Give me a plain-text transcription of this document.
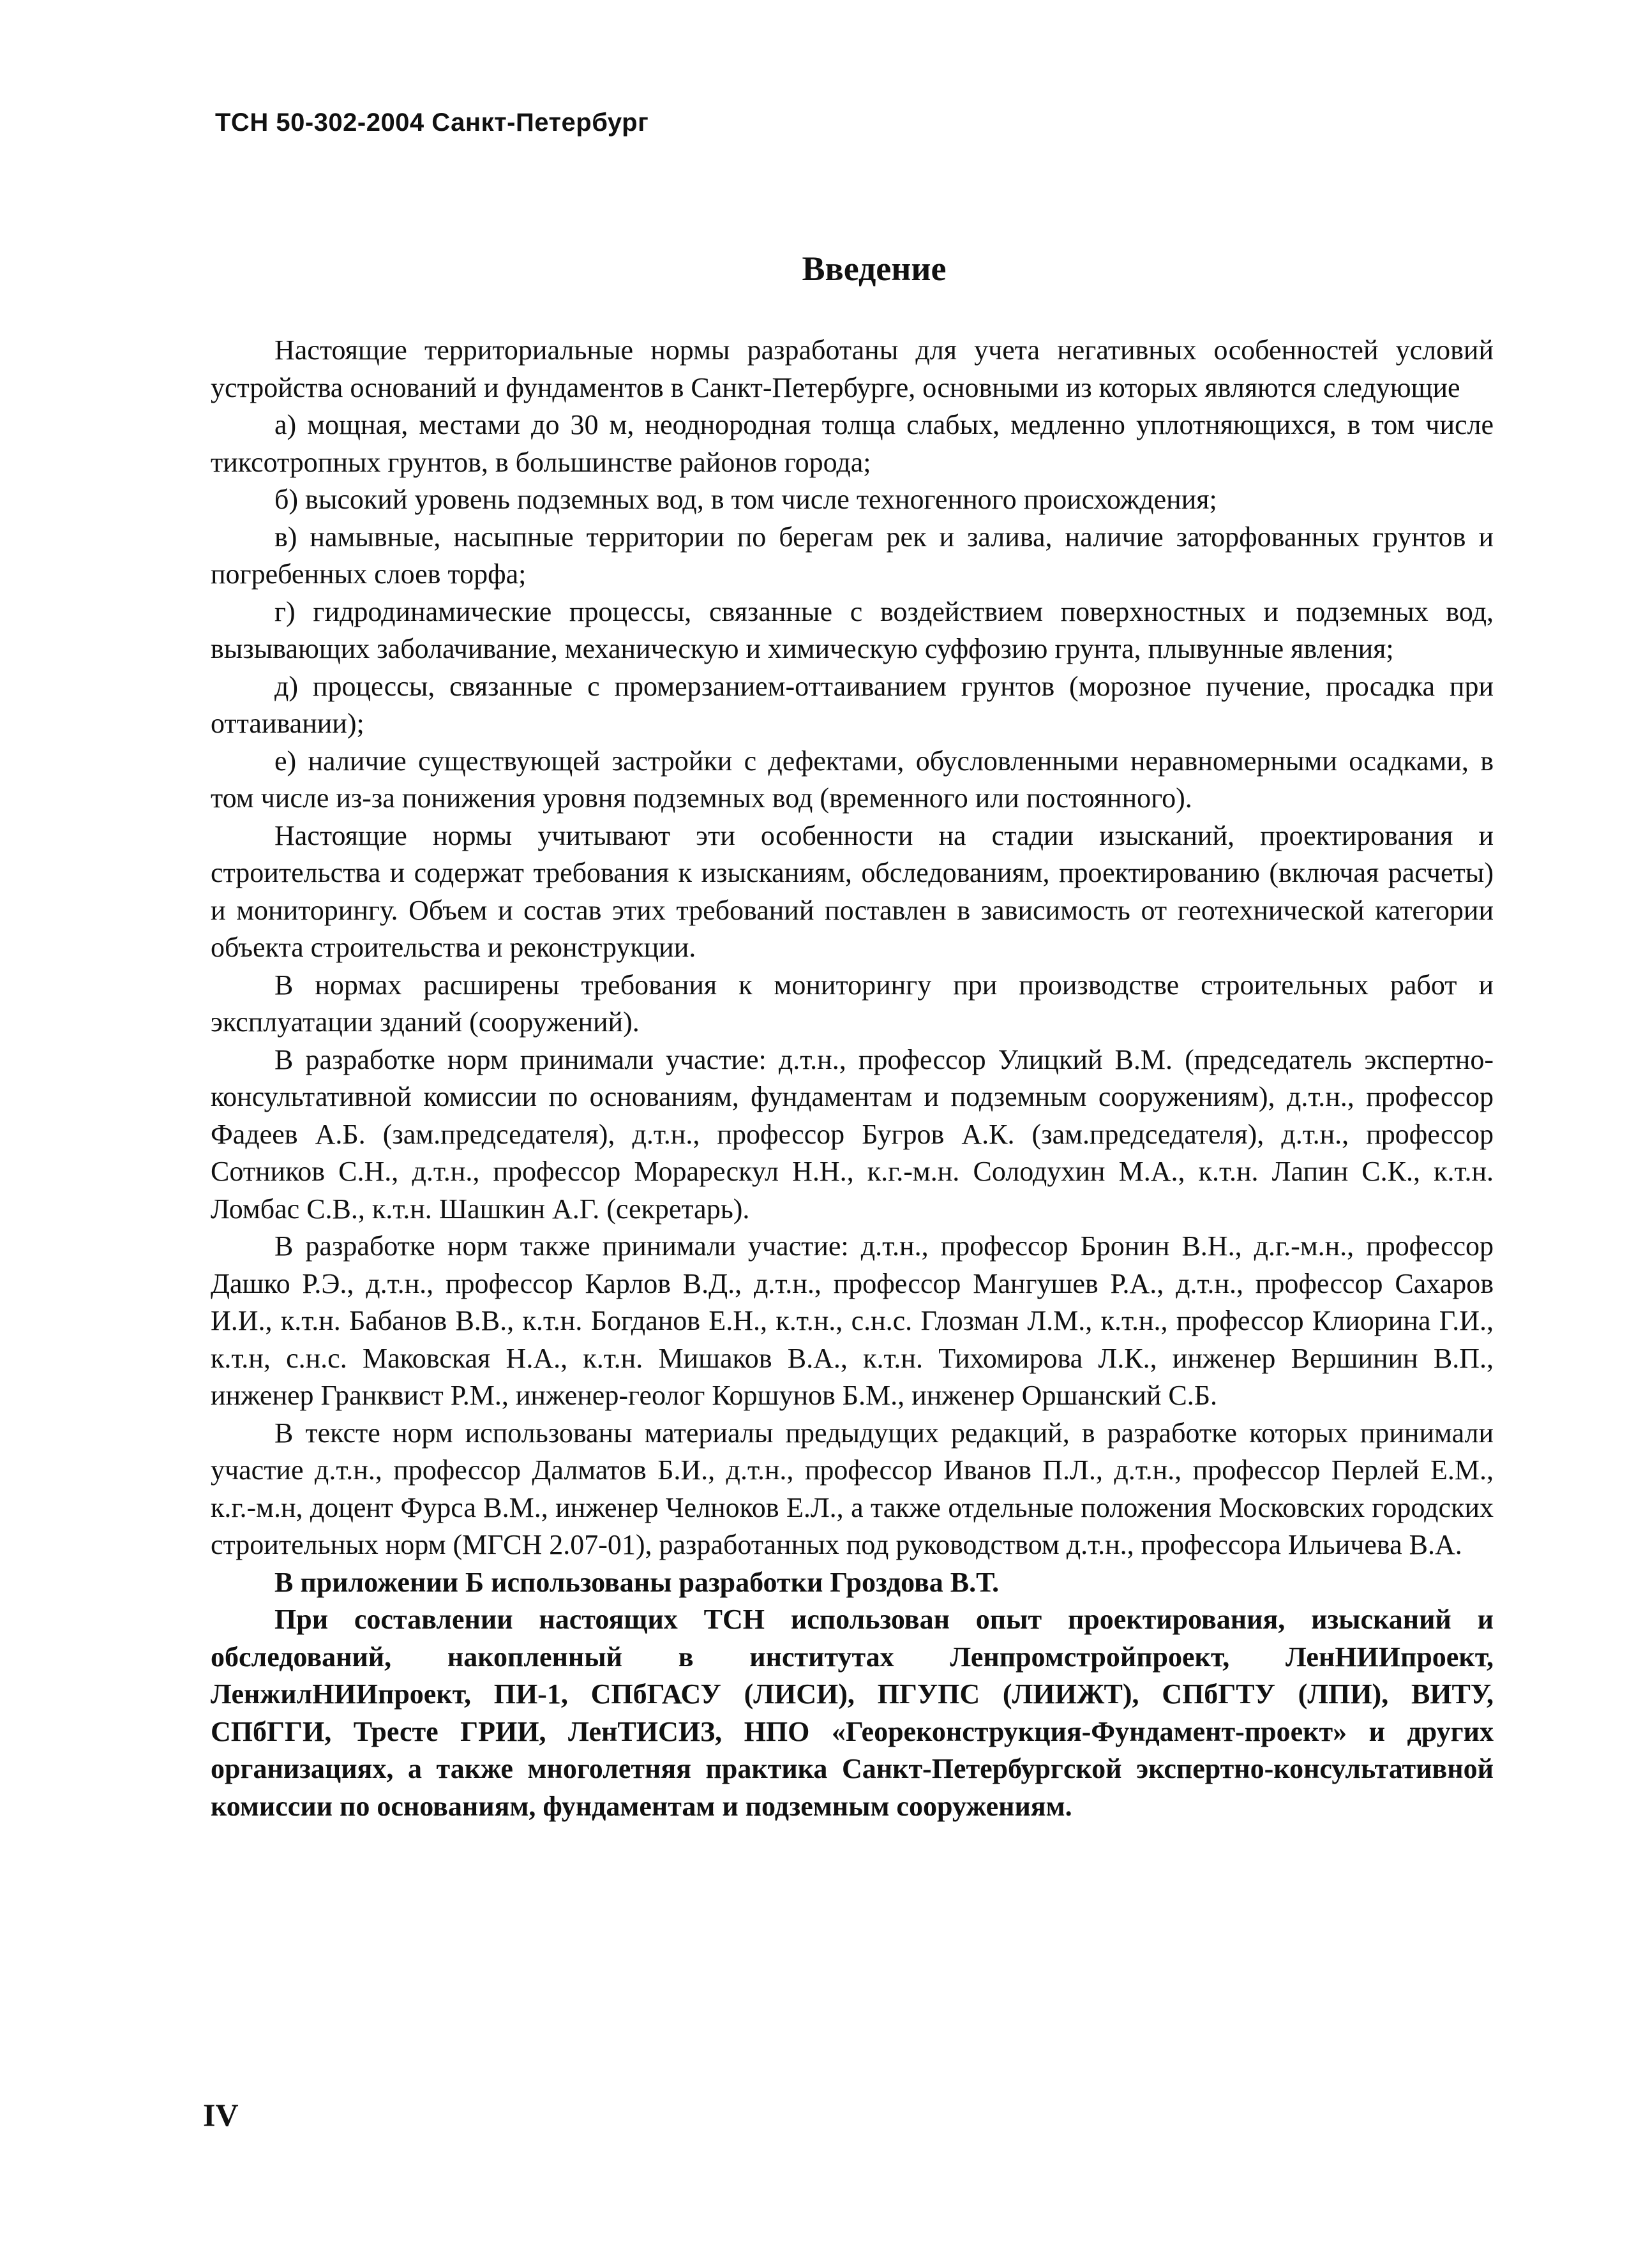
ТСН 50-302-2004 Санкт-Петербург
Введение

Настоящие территориальные нормы разработаны для учета негативных особенностей условий устройства оснований и фундаментов в Санкт-Петербурге, основными из которых являются следующие

а) мощная, местами до 30 м, неоднородная толща слабых, медленно уплотняющихся, в том числе тиксотропных грунтов, в большинстве районов города;

б) высокий уровень подземных вод, в том числе техногенного происхождения;

в) намывные, насыпные территории по берегам рек и залива, наличие заторфованных грунтов и погребенных слоев торфа;

г) гидродинамические процессы, связанные с воздействием поверхностных и подземных вод, вызывающих заболачивание, механическую и химическую суффозию грунта, плывунные явления;

д) процессы, связанные с промерзанием-оттаиванием грунтов (морозное пучение, просадка при оттаивании);

е) наличие существующей застройки с дефектами, обусловленными неравномерными осадками, в том числе из-за понижения уровня подземных вод (временного или постоянного).

Настоящие нормы учитывают эти особенности на стадии изысканий, проектирования и строительства и содержат требования к изысканиям, обследованиям, проектированию (включая расчеты) и мониторингу. Объем и состав этих требований поставлен в зависимость от геотехнической категории объекта строительства и реконструкции.

В нормах расширены требования к мониторингу при производстве строительных работ и эксплуатации зданий (сооружений).

В разработке норм принимали участие: д.т.н., профессор Улицкий В.М. (председатель экспертно-консультативной комиссии по основаниям, фундаментам и подземным сооружениям), д.т.н., профессор Фадеев А.Б. (зам.председателя), д.т.н., профессор Бугров А.К. (зам.председателя), д.т.н., профессор Сотников С.Н., д.т.н., профессор Морарескул Н.Н., к.г.-м.н. Солодухин М.А., к.т.н. Лапин С.К., к.т.н. Ломбас С.В., к.т.н. Шашкин А.Г. (секретарь).

В разработке норм также принимали участие: д.т.н., профессор Бронин В.Н., д.г.-м.н., профессор Дашко Р.Э., д.т.н., профессор Карлов В.Д., д.т.н., профессор Мангушев Р.А., д.т.н., профессор Сахаров И.И., к.т.н. Бабанов В.В., к.т.н. Богданов Е.Н., к.т.н., с.н.с. Глозман Л.М., к.т.н., профессор Клиорина Г.И., к.т.н, с.н.с. Маковская Н.А., к.т.н. Мишаков В.А., к.т.н. Тихомирова Л.К., инженер Вершинин В.П., инженер Гранквист Р.М., инженер-геолог Коршунов Б.М., инженер Оршанский С.Б.

В тексте норм использованы материалы предыдущих редакций, в разработке которых принимали участие д.т.н., профессор Далматов Б.И., д.т.н., профессор Иванов П.Л., д.т.н., профессор Перлей Е.М., к.г.-м.н, доцент Фурса В.М., инженер Челноков Е.Л., а также отдельные положения Московских городских строительных норм (МГСН 2.07-01), разработанных под руководством д.т.н., профессора Ильичева В.А.

В приложении Б использованы разработки Гроздова В.Т.

При составлении настоящих ТСН использован опыт проектирования, изысканий и обследований, накопленный в институтах Ленпромстройпроект, ЛенНИИпроект, ЛенжилНИИпроект, ПИ-1, СПбГАСУ (ЛИСИ), ПГУПС (ЛИИЖТ), СПбГТУ (ЛПИ), ВИТУ, СПбГГИ, Тресте ГРИИ, ЛенТИСИЗ, НПО «Геореконструкция-Фундамент-проект» и других организациях, а также многолетняя практика Санкт-Петербургской экспертно-консультативной комиссии по основаниям, фундаментам и подземным сооружениям.

IV
